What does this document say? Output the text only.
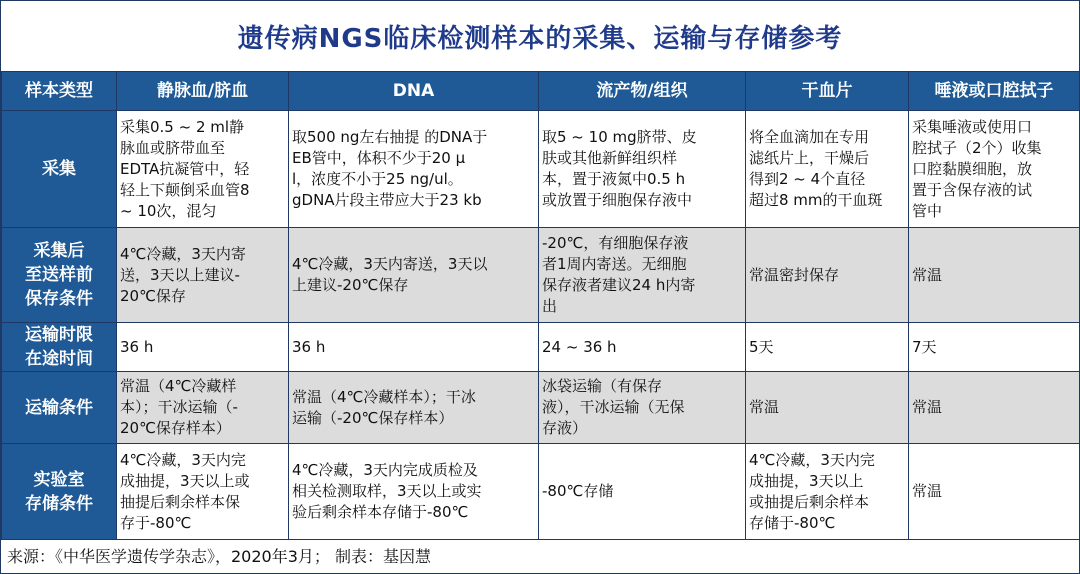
遗传病NGS临床检测样本的采集、运输与存储参考
样本类型	静脉血/脐血	DNA	流产物/组织	干血片	唾液或口腔拭子

采集	采集0.5 ~ 2 ml静
脉血或脐带血至
EDTA抗凝管中，轻
轻上下颠倒采血管8
~ 10次，混匀	取500 ng左右抽提 的DNA于
EB管中，体积不少于20 μ
l，浓度不小于25 ng/ul。
gDNA片段主带应大于23 kb	取5 ~ 10 mg脐带、皮
肤或其他新鲜组织样
本，置于液氮中0.5 h
或放置于细胞保存液中	将全血滴加在专用
滤纸片上，干燥后
得到2 ~ 4个直径
超过8 mm的干血斑	采集唾液或使用口
腔拭子（2个）收集
口腔黏膜细胞，放
置于含保存液的试
管中

采集后
至送样前
保存条件	4℃冷藏，3天内寄
送，3天以上建议-
20℃保存	4℃冷藏，3天内寄送，3天以
上建议-20℃保存	-20℃，有细胞保存液
者1周内寄送。无细胞
保存液者建议24 h内寄
出	常温密封保存	常温

运输时限
在途时间	36 h	36 h	24 ~ 36 h	5天	7天

运输条件	常温（4℃冷藏样
本）；干冰运输（-
20℃保存样本）	常温（4℃冷藏样本）；干冰
运输（-20℃保存样本）	冰袋运输（有保存
液），干冰运输（无保
存液）	常温	常温

实验室
存储条件	4℃冷藏，3天内完
成抽提，3天以上或
抽提后剩余样本保
存于-80℃	4℃冷藏，3天内完成质检及
相关检测取样，3天以上或实
验后剩余样本存储于-80℃	-80℃存储	4℃冷藏，3天内完
成抽提，3天以上
或抽提后剩余样本
存储于-80℃	常温
来源：《中华医学遗传学杂志》，2020年3月； 制表：基因慧
